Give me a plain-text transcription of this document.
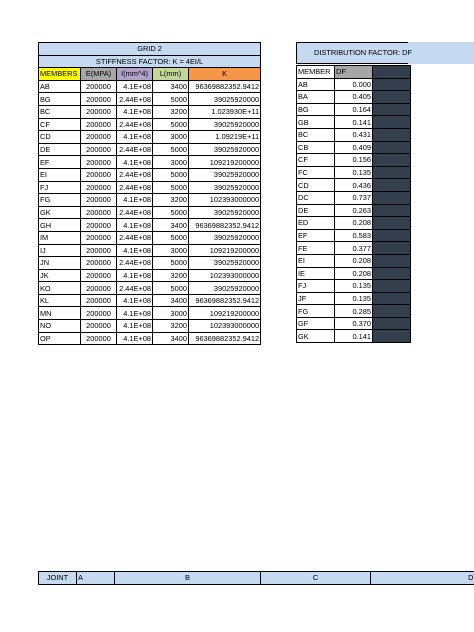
GRID 2				
STIFFNESS FACTOR: K = 4EI/L				
MEMBERS	E(MPA)	I(mm^4)	L(mm)	K
AB	200000	4.1E+08	3400	96369882352.9412
BG	200000	2.44E+08	5000	39025920000
BC	200000	4.1E+08	3200	1.023930E+11
CF	200000	2.44E+08	5000	39025920000
CD	200000	4.1E+08	3000	1.09219E+11
DE	200000	2.44E+08	5000	39025920000
EF	200000	4.1E+08	3000	109219200000
EI	200000	2.44E+08	5000	39025920000
FJ	200000	2.44E+08	5000	39025920000
FG	200000	4.1E+08	3200	102393000000
GK	200000	2.44E+08	5000	39025920000
GH	200000	4.1E+08	3400	96369882352.9412
IM	200000	2.44E+08	5000	39025920000
IJ	200000	4.1E+08	3000	109219200000
JN	200000	2.44E+08	5000	39025920000
JK	200000	4.1E+08	3200	102393000000
KO	200000	2.44E+08	5000	39025920000
KL	200000	4.1E+08	3400	96369882352.9412
MN	200000	4.1E+08	3000	109219200000
NO	200000	4.1E+08	3200	102393000000
OP	200000	4.1E+08	3400	96369882352.9412
DISTRIBUTION FACTOR: DF
MEMBER	DF	
AB	0.000	
BA	0.405	
BG	0.164	
GB	0.141	
BC	0.431	
CB	0.409	
CF	0.156	
FC	0.135	
CD	0.436	
DC	0.737	
DE	0.263	
ED	0.208	
EF	0.583	
FE	0.377	
EI	0.208	
IE	0.208	
FJ	0.135	
JF	0.135	
FG	0.285	
GF	0.370	
GK	0.141	
JOINT	A	B	C	D
